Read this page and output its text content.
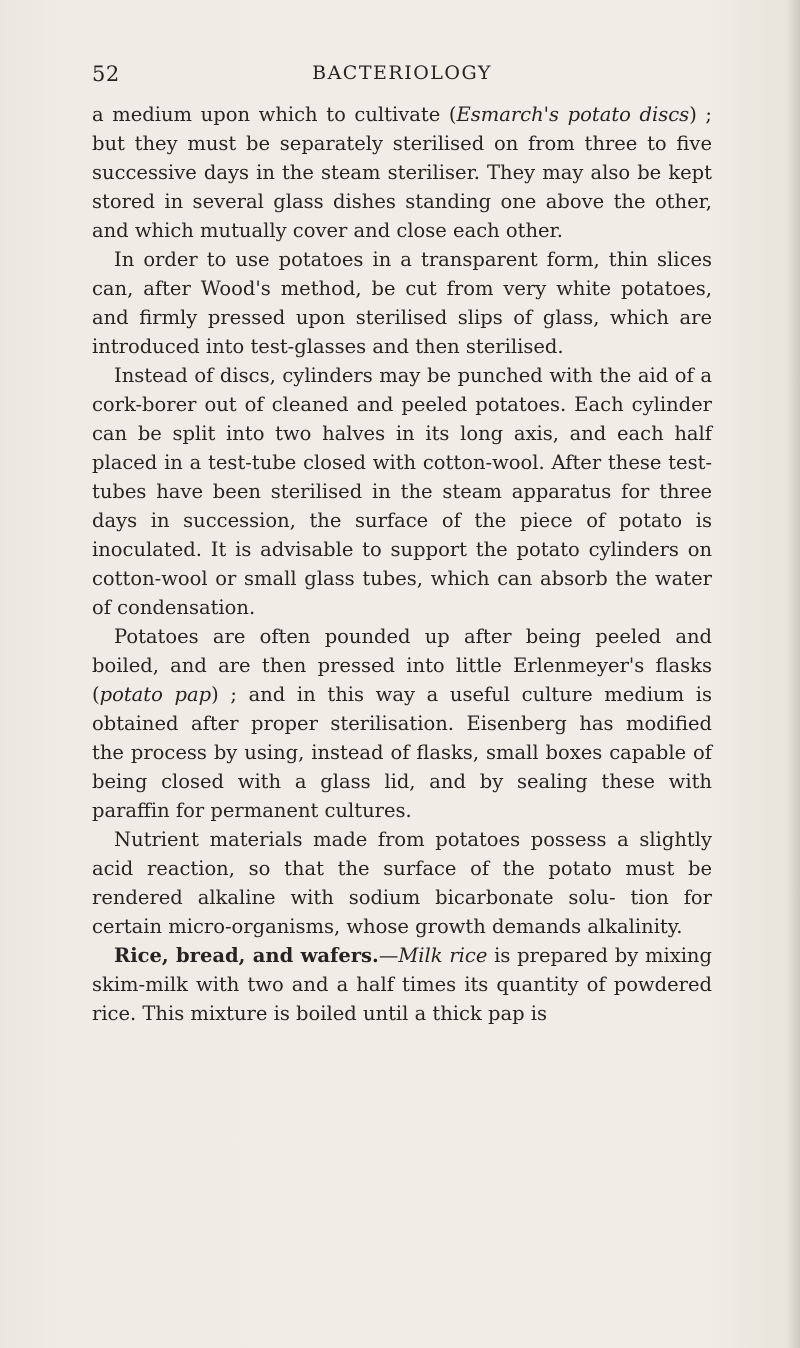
52	BACTERIOLOGY

a medium upon which to cultivate (Esmarch's potato discs) ; but they must be separately sterilised on from three to five successive days in the steam steriliser. They may also be kept stored in several glass dishes standing one above the other, and which mutually cover and close each other.

In order to use potatoes in a transparent form, thin slices can, after Wood's method, be cut from very white potatoes, and firmly pressed upon sterilised slips of glass, which are introduced into test-glasses and then sterilised.

Instead of discs, cylinders may be punched with the aid of a cork-borer out of cleaned and peeled potatoes. Each cylinder can be split into two halves in its long axis, and each half placed in a test-tube closed with cotton-wool. After these test-tubes have been sterilised in the steam apparatus for three days in succession, the surface of the piece of potato is inoculated. It is advisable to support the potato cylinders on cotton-wool or small glass tubes, which can absorb the water of condensation.

Potatoes are often pounded up after being peeled and boiled, and are then pressed into little Erlenmeyer's flasks (potato pap) ; and in this way a useful culture medium is obtained after proper sterilisation. Eisenberg has modified the process by using, instead of flasks, small boxes capable of being closed with a glass lid, and by sealing these with paraffin for permanent cultures.

Nutrient materials made from potatoes possess a slightly acid reaction, so that the surface of the potato must be rendered alkaline with sodium bicarbonate solu- tion for certain micro-organisms, whose growth demands alkalinity.

Rice, bread, and wafers.—Milk rice is prepared by mixing skim-milk with two and a half times its quantity of powdered rice. This mixture is boiled until a thick pap is
